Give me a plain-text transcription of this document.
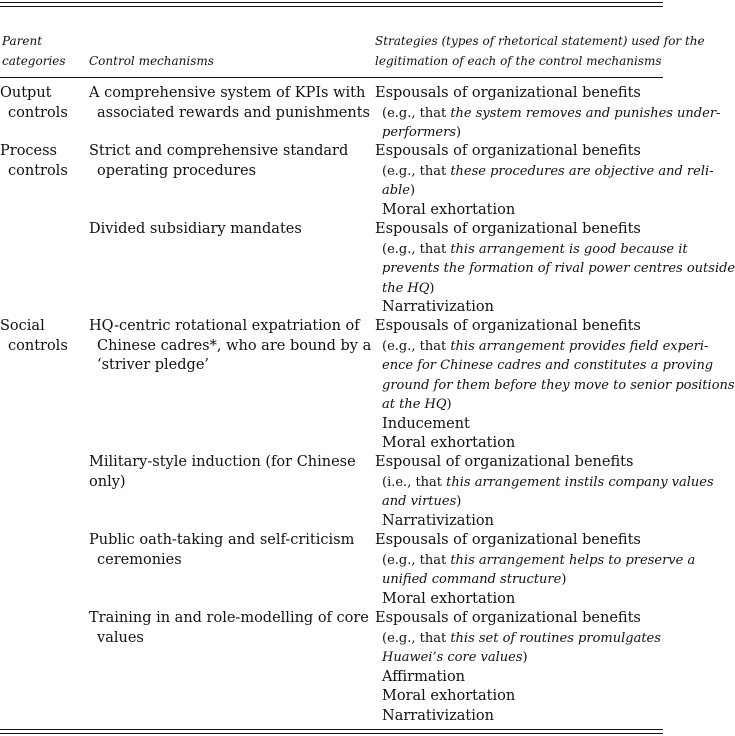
Parent
categories Control mechanisms
Strategies (types of rhetorical statement) used for the
legitimation of each of the control mechanisms
Output
controls
A comprehensive system of KPIs with
associated rewards and punishments
Espousals of organizational benefits
(e.g., that the system removes and punishes under-
performers)
Process
controls
Strict and comprehensive standard
operating procedures
Espousals of organizational benefits
(e.g., that these procedures are objective and reli-
able)
Moral exhortation
Divided subsidiary mandates	Espousals of organizational benefits
(e.g., that this arrangement is good because it
prevents the formation of rival power centres outside
the HQ)
Narrativization
Social
controls
HQ-centric rotational expatriation of
Chinese cadres*, who are bound by a
‘striver pledge’
Espousals of organizational benefits
(e.g., that this arrangement provides field experi-
ence for Chinese cadres and constitutes a proving
ground for them before they move to senior positions
at the HQ)
Inducement
Moral exhortation
Military-style induction (for Chinese
only)
Espousal of organizational benefits
(i.e., that this arrangement instils company values
and virtues)
Narrativization
Public oath-taking and self-criticism
ceremonies
Espousals of organizational benefits
(e.g., that this arrangement helps to preserve a
unified command structure)
Moral exhortation
Training in and role-modelling of core
values
Espousals of organizational benefits
(e.g., that this set of routines promulgates
Huawei’s core values)
Affirmation
Moral exhortation
Narrativization
